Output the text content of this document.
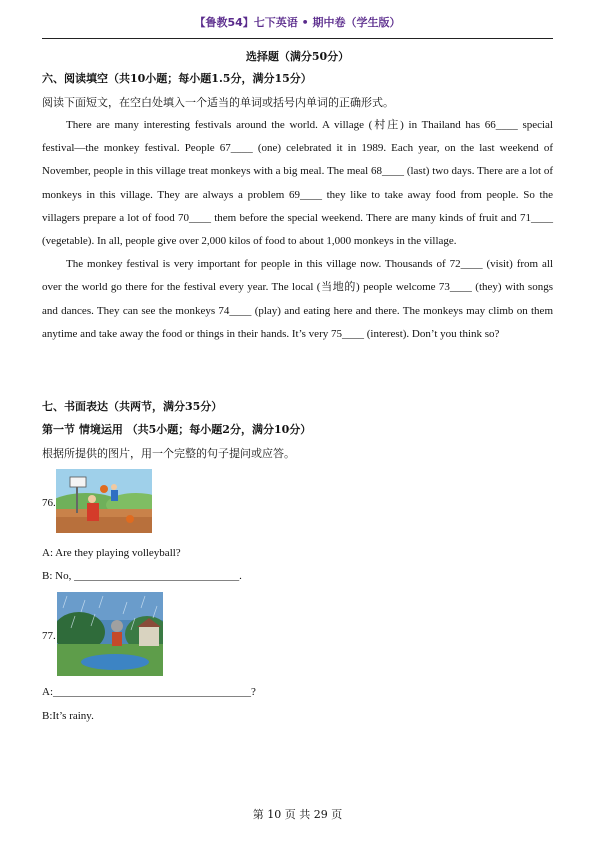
【鲁教54】七下英语 • 期中卷（学生版）
选择题（满分50分）
六、阅读填空（共10小题；每小题1.5分，满分15分）
阅读下面短文，在空白处填入一个适当的单词或括号内单词的正确形式。

There are many interesting festivals around the world. A village (村庄) in Thailand has 66____ special festival—the monkey festival. People 67____ (one) celebrated it in 1989. Each year, on the last weekend of November, people in this village treat monkeys with a big meal. The meal 68____ (last) two days. There are a lot of monkeys in this village. They are always a problem 69____ they like to take away food from people. So the villagers prepare a lot of food 70____ them before the special weekend. There are many kinds of fruit and 71____ (vegetable). In all, people give over 2,000 kilos of food to about 1,000 monkeys in the village.

The monkey festival is very important for people in this village now. Thousands of 72____ (visit) from all over the world go there for the festival every year. The local (当地的) people welcome 73____ (they) with songs and dances. They can see the monkeys 74____ (play) and eating here and there. The monkeys may climb on them anytime and take away the food or things in their hands. It’s very 75____ (interest). Don’t you think so?

七、书面表达（共两节，满分35分）
第一节 情境运用 （共5小题；每小题2分，满分10分）
根据所提供的图片，用一个完整的句子提问或应答。
76.
A: Are they playing volleyball?
B: No, ______________________________.
77.
A:____________________________________?
B:It’s rainy.
第 10 页 共 29 页
